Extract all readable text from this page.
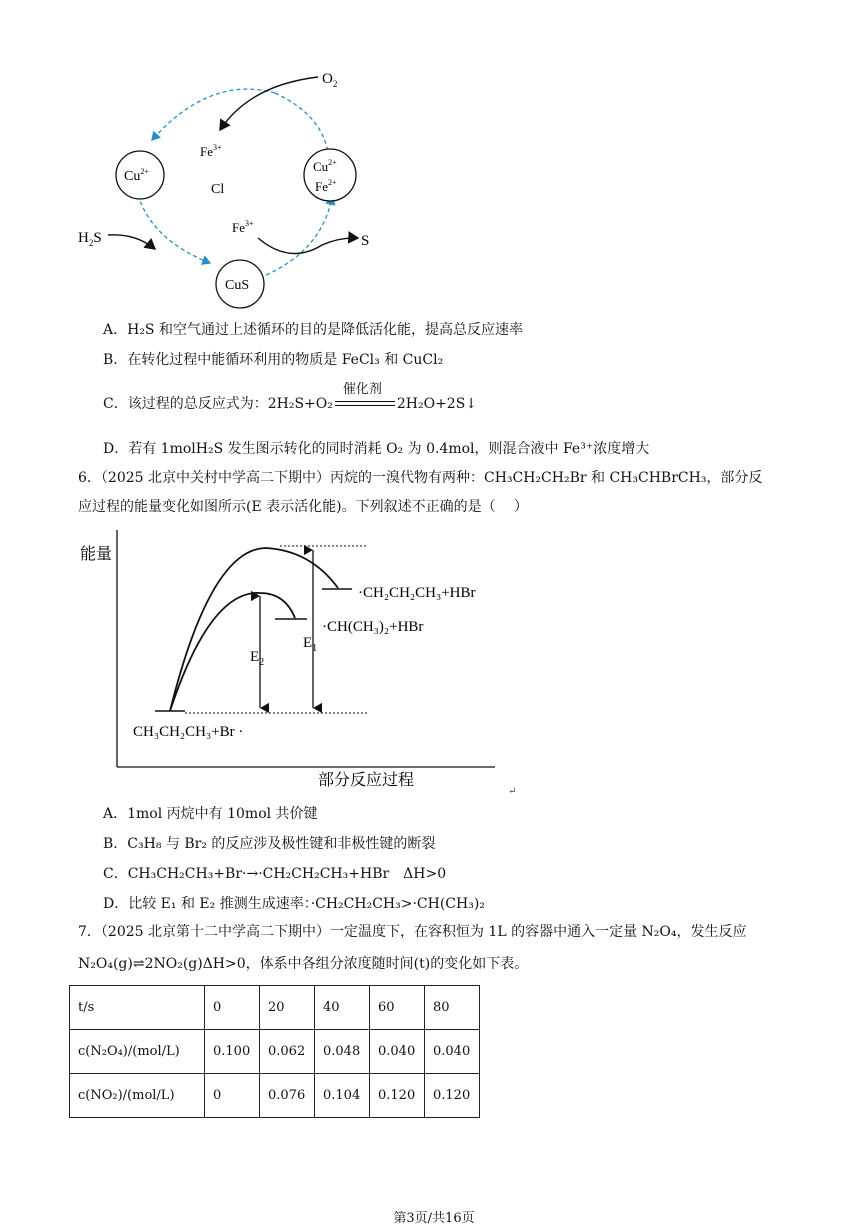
$O_2$
$Fe^{3+}$
Cl
$Cu^{2+}$	$Cu^{2+}$
$Fe^{2+}$
$H_2S$
$Fe^{3+}$
S
CuS
A．H₂S 和空气通过上述循环的目的是降低活化能，提高总反应速率
B．在转化过程中能循环利用的物质是 FeCl₃ 和 CuCl₂
C．该过程的总反应式为：2H₂S+O₂
催化剂
2H₂O+2S↓
D．若有 1molH₂S 发生图示转化的同时消耗 O₂ 为 0.4mol，则混合液中 Fe³⁺浓度增大
6．（2025 北京中关村中学高二下期中）丙烷的一溴代物有两种：CH₃CH₂CH₂Br 和 CH₃CHBrCH₃，部分反
应过程的能量变化如图所示(E 表示活化能)。下列叙述不正确的是（　 ）
能量
部分反应过程
$E_1$
$E_2$
·CH₂CH₂CH₃+HBr
·CH(CH₃)₂+HBr
CH₃CH₂CH₃+Br ·
↵
A．1mol 丙烷中有 10mol 共价键
B．C₃H₈ 与 Br₂ 的反应涉及极性键和非极性键的断裂
C．CH₃CH₂CH₃+Br·→·CH₂CH₂CH₃+HBr　ΔH>0
D．比较 E₁ 和 E₂ 推测生成速率：·CH₂CH₂CH₃>·CH(CH₃)₂
7．（2025 北京第十二中学高二下期中）一定温度下，在容积恒为 1L 的容器中通入一定量 N₂O₄，发生反应
N₂O₄(g)⇌2NO₂(g)ΔH>0，体系中各组分浓度随时间(t)的变化如下表。
t/s	0	20	40	60	80
c(N₂O₄)/(mol/L)	0.100	0.062	0.048	0.040	0.040
c(NO₂)/(mol/L)	0	0.076	0.104	0.120	0.120
第3页/共16页
